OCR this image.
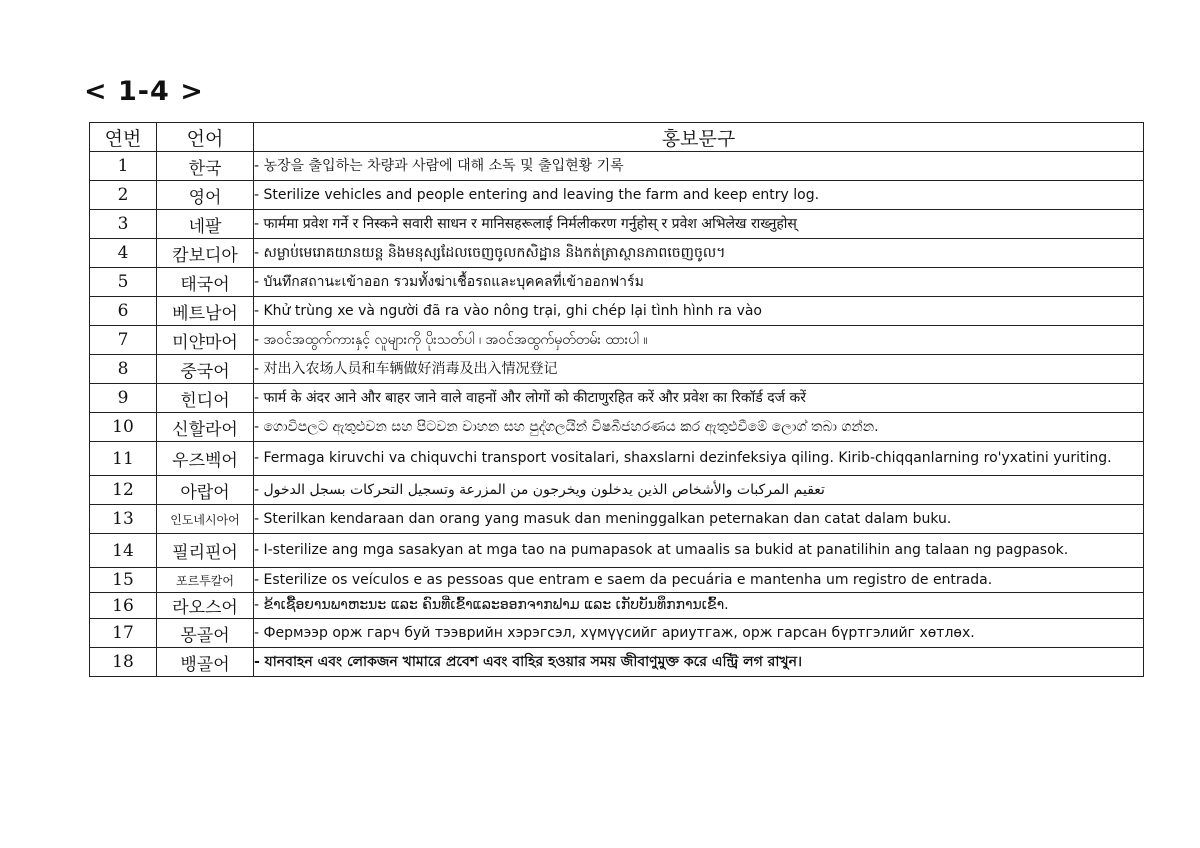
< 1-4 >
연번	언어	홍보문구
1	한국	- 농장을 출입하는 차량과 사람에 대해 소독 및 출입현황 기록
2	영어	- Sterilize vehicles and people entering and leaving the farm and keep entry log.
3	네팔	- फार्ममा प्रवेश गर्ने र निस्कने सवारी साधन र मानिसहरूलाई निर्मलीकरण गर्नुहोस् र प्रवेश अभिलेख राख्नुहोस्
4	캄보디아	- សម្លាប់មេរោគយានយន្ត និងមនុស្សដែលចេញចូលកសិដ្ឋាន និងកត់ត្រាស្ថានភាពចេញចូល។
5	태국어	- บันทึกสถานะเข้าออก รวมทั้งฆ่าเชื้อรถและบุคคลที่เข้าออกฟาร์ม
6	베트남어	- Khử trùng xe và người đã ra vào nông trại, ghi chép lại tình hình ra vào
7	미얀마어	- အဝင်အထွက်ကားနှင့် လူများကို ပိုးသတ်ပါ ၊ အဝင်အထွက်မှတ်တမ်း ထားပါ ။
8	중국어	- 对出入农场人员和车辆做好消毒及出入情况登记
9	힌디어	- फार्म के अंदर आने और बाहर जाने वाले वाहनों और लोगों को कीटाणुरहित करें और प्रवेश का रिकॉर्ड दर्ज करें
10	신할라어	- ගොවිපලට ඇතුළුවන සහ පිටවන වාහන සහ පුද්ගලයින් විෂබීජහරණය කර ඇතුළුවීමේ ලොග් තබා ගන්න.
11	우즈벡어	- Fermaga kiruvchi va chiquvchi transport vositalari, shaxslarni dezinfeksiya qiling. Kirib-chiqqanlarning ro'yxatini yuriting.
12	아랍어	تعقيم المركبات والأشخاص الذين يدخلون ويخرجون من المزرعة وتسجيل التحركات بسجل الدخول -
13	인도네시아어	- Sterilkan kendaraan dan orang yang masuk dan meninggalkan peternakan dan catat dalam buku.
14	필리핀어	- I-sterilize ang mga sasakyan at mga tao na pumapasok at umaalis sa bukid at panatilihin ang talaan ng pagpasok.
15	포르투칼어	- Esterilize os veículos e as pessoas que entram e saem da pecuária e mantenha um registro de entrada.
16	라오스어	- ຂ້າເຊື້ອຍານພາຫະນະ ແລະ ຄົນທີ່ເຂົ້າແລະອອກຈາກຟາມ ແລະ ເກັບບັນທຶກການເຂົ້າ.
17	몽골어	- Фермээр орж гарч буй тээврийн хэрэгсэл, хүмүүсийг ариутгаж, орж гарсан бүртгэлийг хөтлөх.
18	뱅골어	- যানবাহন এবং লোকজন খামারে প্রবেশ এবং বাহির হওয়ার সময় জীবাণুমুক্ত করে এন্ট্রি লগ রাখুন।
